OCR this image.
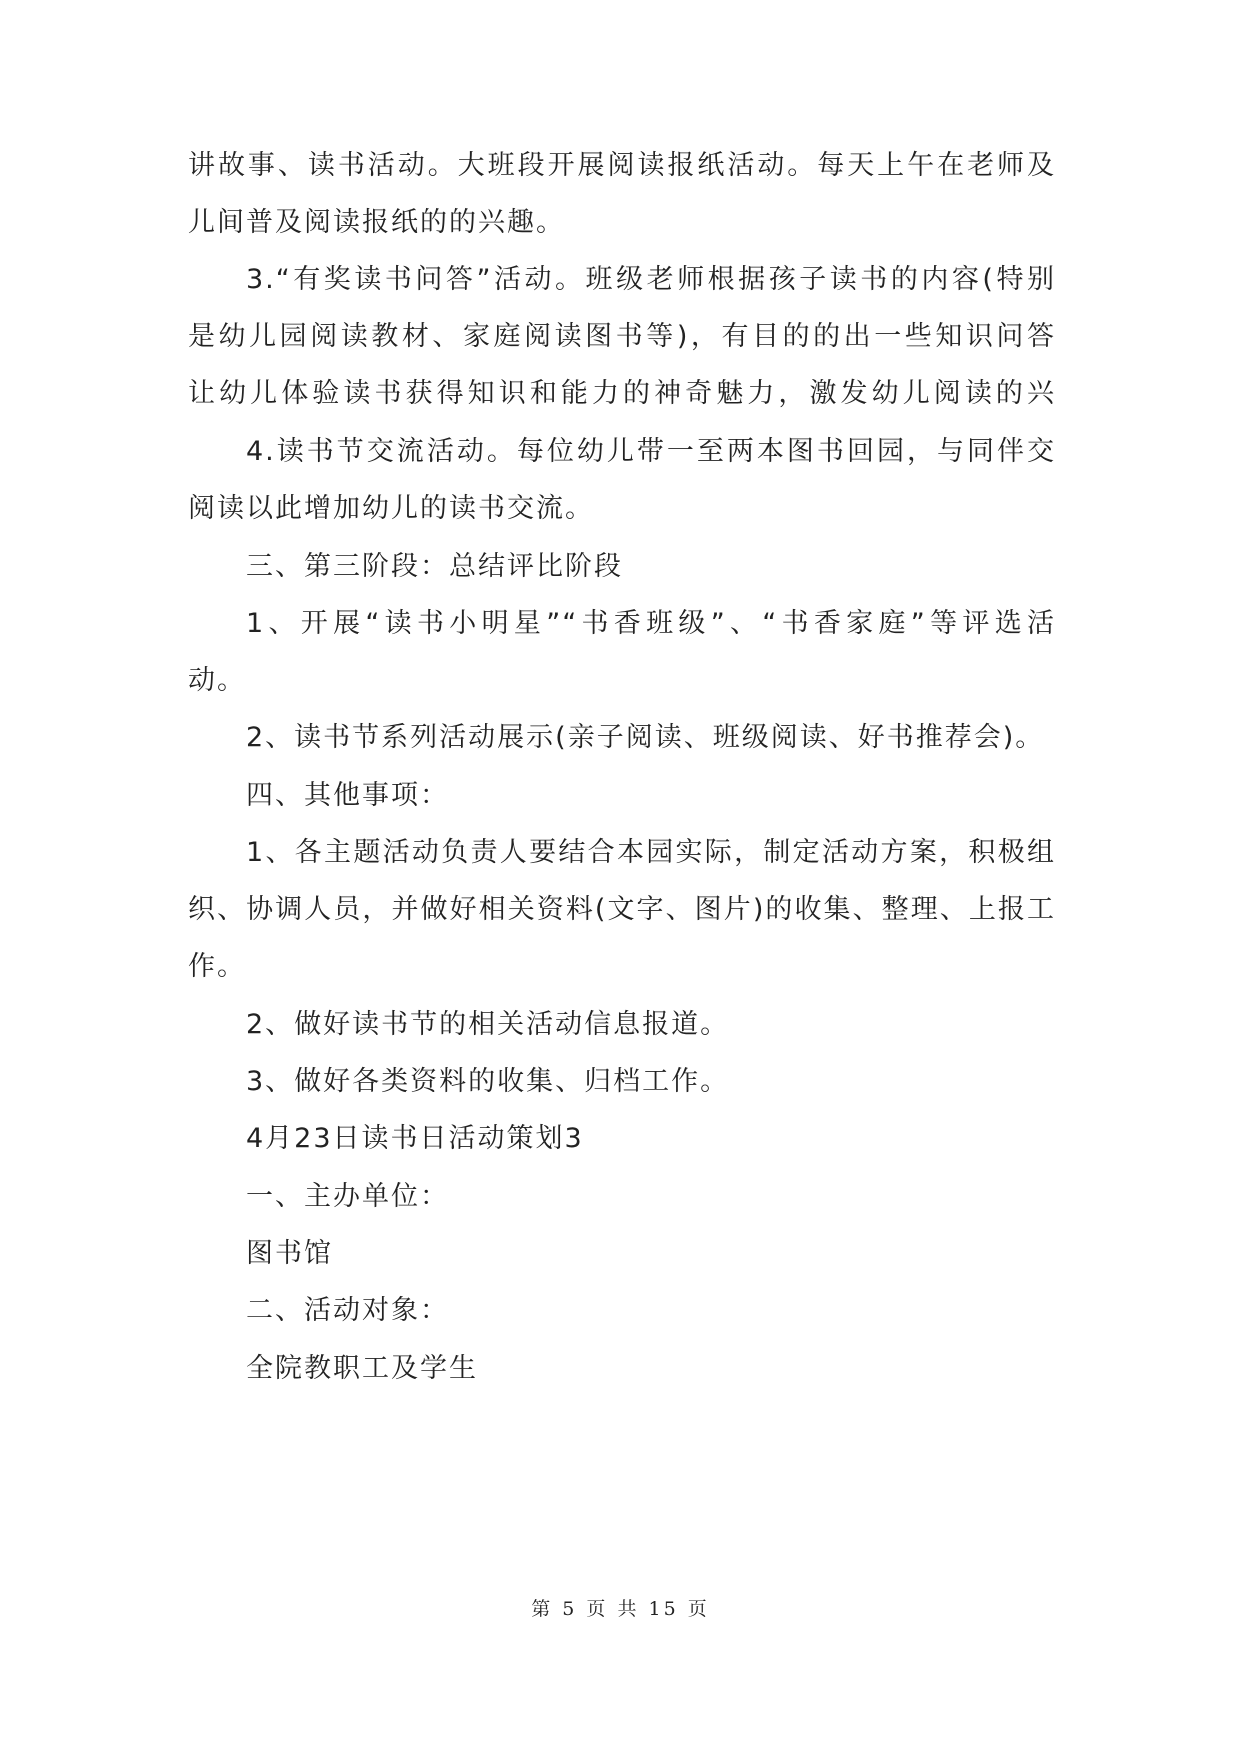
讲故事、读书活动。大班段开展阅读报纸活动。每天上午在老师及
儿间普及阅读报纸的的兴趣。
3.“有奖读书问答”活动。班级老师根据孩子读书的内容(特别
是幼儿园阅读教材、家庭阅读图书等)，有目的的出一些知识问答
让幼儿体验读书获得知识和能力的神奇魅力，激发幼儿阅读的兴
4.读书节交流活动。每位幼儿带一至两本图书回园，与同伴交
阅读以此增加幼儿的读书交流。
三、第三阶段：总结评比阶段
1、开展“读书小明星”“书香班级”、“书香家庭”等评选活
动。
2、读书节系列活动展示(亲子阅读、班级阅读、好书推荐会)。
四、其他事项：
1、各主题活动负责人要结合本园实际，制定活动方案，积极组
织、协调人员，并做好相关资料(文字、图片)的收集、整理、上报工
作。
2、做好读书节的相关活动信息报道。
3、做好各类资料的收集、归档工作。
4月23日读书日活动策划3
一、主办单位：
图书馆
二、活动对象：
全院教职工及学生
第 5 页 共 15 页
